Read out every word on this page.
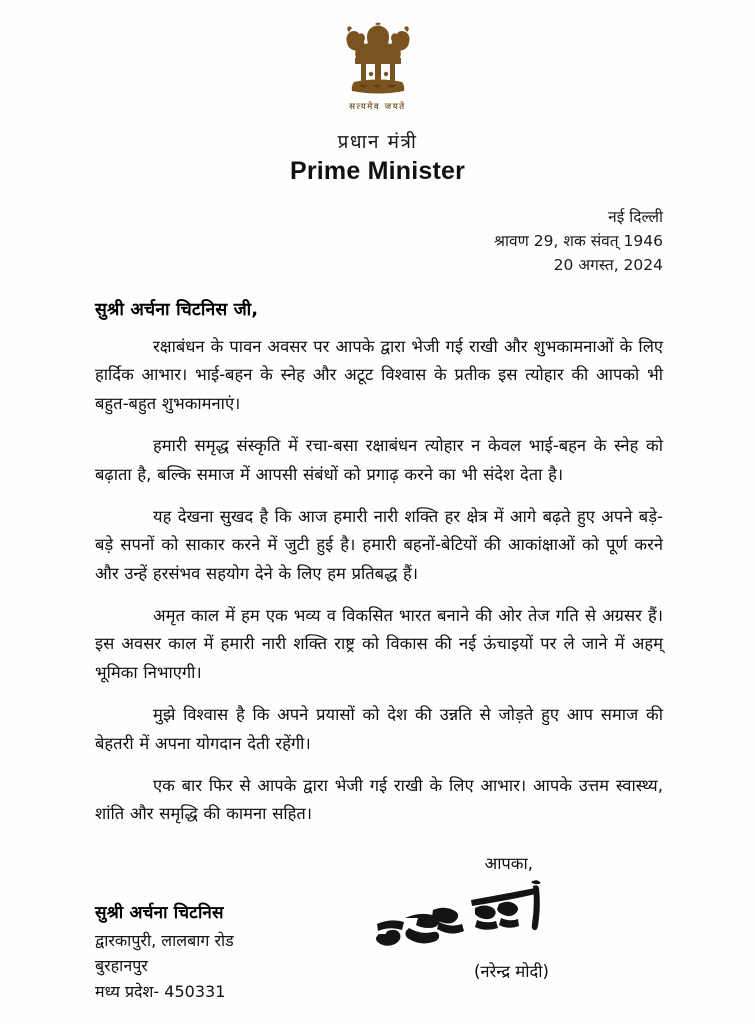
सत्यमेव जयते
प्रधान मंत्री
Prime Minister
नई दिल्ली
श्रावण 29, शक संवत् 1946
20 अगस्त, 2024
सुश्री अर्चना चिटनिस जी,

रक्षाबंधन के पावन अवसर पर आपके द्वारा भेजी गई राखी और शुभकामनाओं के लिए हार्दिक आभार। भाई-बहन के स्नेह और अटूट विश्वास के प्रतीक इस त्योहार की आपको भी बहुत-बहुत शुभकामनाएं।

हमारी समृद्ध संस्कृति में रचा-बसा रक्षाबंधन त्योहार न केवल भाई-बहन के स्नेह को बढ़ाता है, बल्कि समाज में आपसी संबंधों को प्रगाढ़ करने का भी संदेश देता है।

यह देखना सुखद है कि आज हमारी नारी शक्ति हर क्षेत्र में आगे बढ़ते हुए अपने बड़े-बड़े सपनों को साकार करने में जुटी हुई है। हमारी बहनों-बेटियों की आकांक्षाओं को पूर्ण करने और उन्हें हरसंभव सहयोग देने के लिए हम प्रतिबद्ध हैं।

अमृत काल में हम एक भव्य व विकसित भारत बनाने की ओर तेज गति से अग्रसर हैं। इस अवसर काल में हमारी नारी शक्ति राष्ट्र को विकास की नई ऊंचाइयों पर ले जाने में अहम् भूमिका निभाएगी।

मुझे विश्वास है कि अपने प्रयासों को देश की उन्नति से जोड़ते हुए आप समाज की बेहतरी में अपना योगदान देती रहेंगी।

एक बार फिर से आपके द्वारा भेजी गई राखी के लिए आभार। आपके उत्तम स्वास्थ्य, शांति और समृद्धि की कामना सहित।

आपका,
(नरेन्द्र मोदी)
सुश्री अर्चना चिटनिस
द्वारकापुरी, लालबाग रोड
बुरहानपुर
मध्य प्रदेश- 450331
